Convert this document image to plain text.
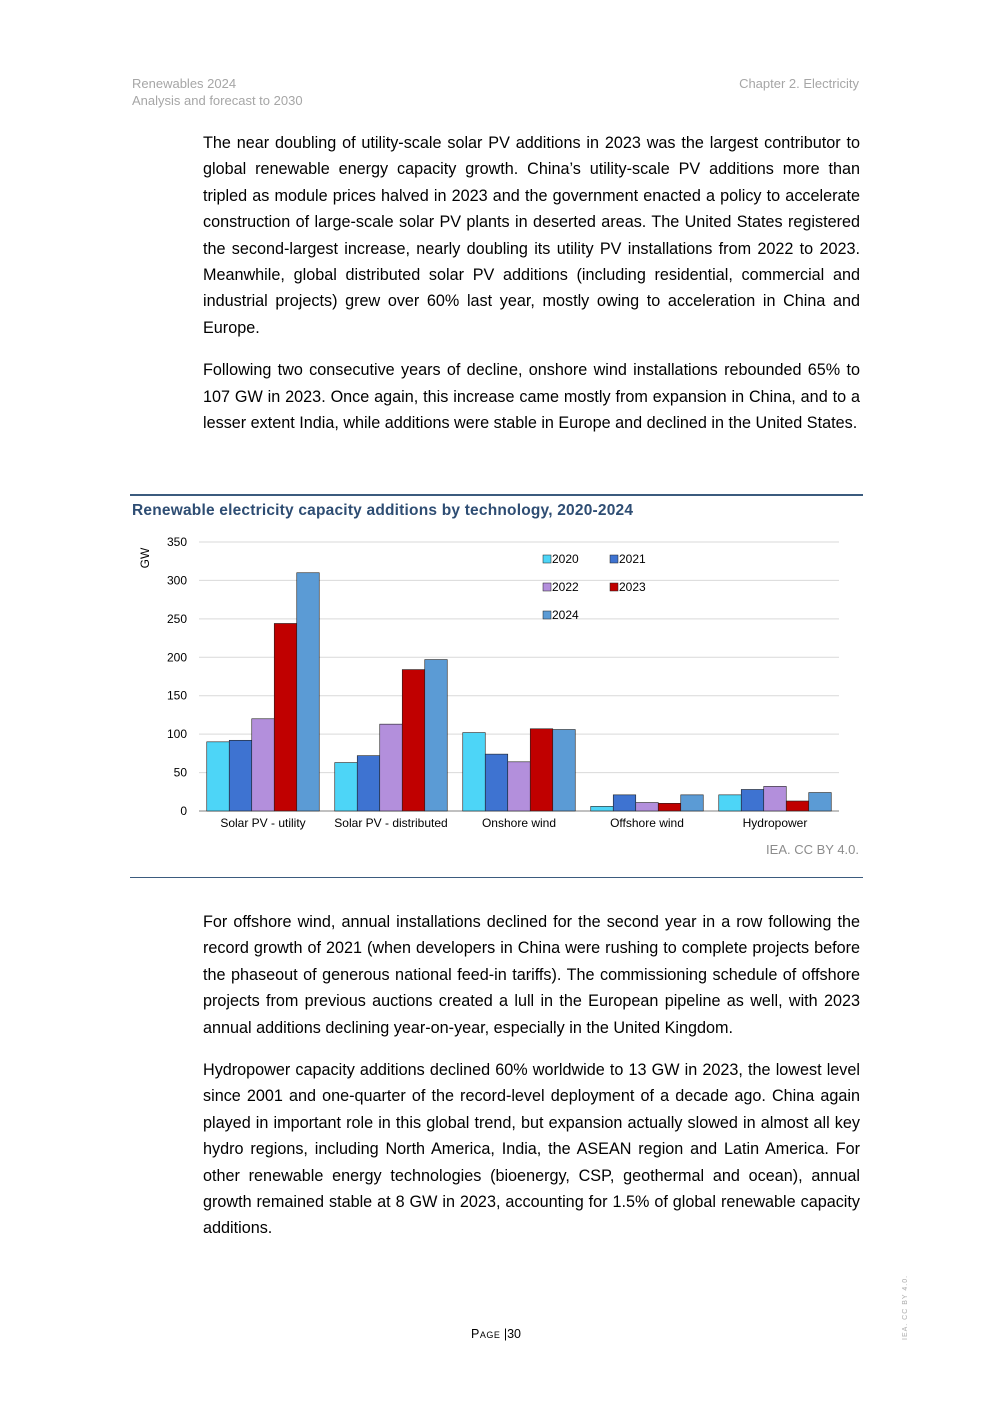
Renewables 2024
Analysis and forecast to 2030
Chapter 2. Electricity

The near doubling of utility-scale solar PV additions in 2023 was the largest contributor to global renewable energy capacity growth. China’s utility-scale PV additions more than tripled as module prices halved in 2023 and the government enacted a policy to accelerate construction of large-scale solar PV plants in deserted areas. The United States registered the second-largest increase, nearly doubling its utility PV installations from 2022 to 2023. Meanwhile, global distributed solar PV additions (including residential, commercial and industrial projects) grew over 60% last year, mostly owing to acceleration in China and Europe.

Following two consecutive years of decline, onshore wind installations rebounded 65% to 107 GW in 2023. Once again, this increase came mostly from expansion in China, and to a lesser extent India, while additions were stable in Europe and declined in the United States.

Renewable electricity capacity additions by technology, 2020-2024
0
50
100
150
200
250
300
350
GW
Solar PV - utility Solar PV - distributed	Onshore wind	Offshore wind	Hydropower
2020	2021
2022	2023
2024
IEA. CC BY 4.0.

For offshore wind, annual installations declined for the second year in a row following the record growth of 2021 (when developers in China were rushing to complete projects before the phaseout of generous national feed-in tariffs). The commissioning schedule of offshore projects from previous auctions created a lull in the European pipeline as well, with 2023 annual additions declining year-on-year, especially in the United Kingdom.

Hydropower capacity additions declined 60% worldwide to 13 GW in 2023, the lowest level since 2001 and one-quarter of the record-level deployment of a decade ago. China again played in important role in this global trend, but expansion actually slowed in almost all key hydro regions, including North America, India, the ASEAN region and Latin America. For other renewable energy technologies (bioenergy, CSP, geothermal and ocean), annual growth remained stable at 8 GW in 2023, accounting for 1.5% of global renewable capacity additions.

Page |30	IEA. CC BY 4.0.
